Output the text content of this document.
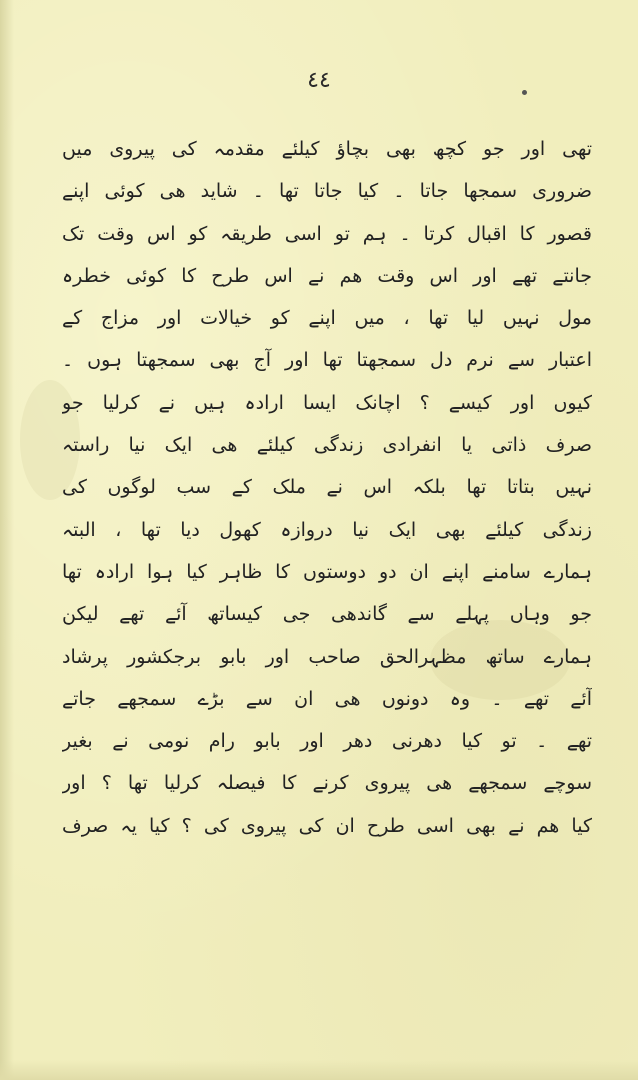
٤٤
تھی اور جو کچھ بھی بچاؤ کیلئے مقدمہ کی پیروی میں
ضروری سمجھا جاتا ۔ کیا جاتا تھا ۔ شاید ھی کوئی اپنے
قصور کا اقبال کرتا ۔ ہم تو اسی طریقہ کو اس وقت تک
جانتے تھے اور اس وقت ھم نے اس طرح کا کوئی خطرہ
مول نہیں لیا تھا ، میں اپنے کو خیالات اور مزاج کے
اعتبار سے نرم دل سمجھتا تھا اور آج بھی سمجھتا ہوں ۔
کیوں اور کیسے ؟ اچانک ایسا ارادہ ہیں نے کرلیا جو
صرف ذاتی یا انفرادی زندگی کیلئے ھی ایک نیا راستہ
نہیں بتاتا تھا بلکہ اس نے ملک کے سب لوگوں کی
زندگی کیلئے بھی ایک نیا دروازہ کھول دیا تھا ، البتہ
ہمارے سامنے اپنے ان دو دوستوں کا ظاہر کیا ہوا ارادہ تھا
جو وہاں پہلے سے گاندھی جی کیساتھ آئے تھے لیکن
ہمارے ساتھ مظہرالحق صاحب اور بابو برجکشور پرشاد
آئے تھے ۔ وہ دونوں ھی ان سے بڑے سمجھے جاتے
تھے ۔ تو کیا دھرنی دھر اور بابو رام نومی نے بغیر
سوچے سمجھے ھی پیروی کرنے کا فیصلہ کرلیا تھا ؟ اور
کیا ھم نے بھی اسی طرح ان کی پیروی کی ؟ کیا یہ صرف
